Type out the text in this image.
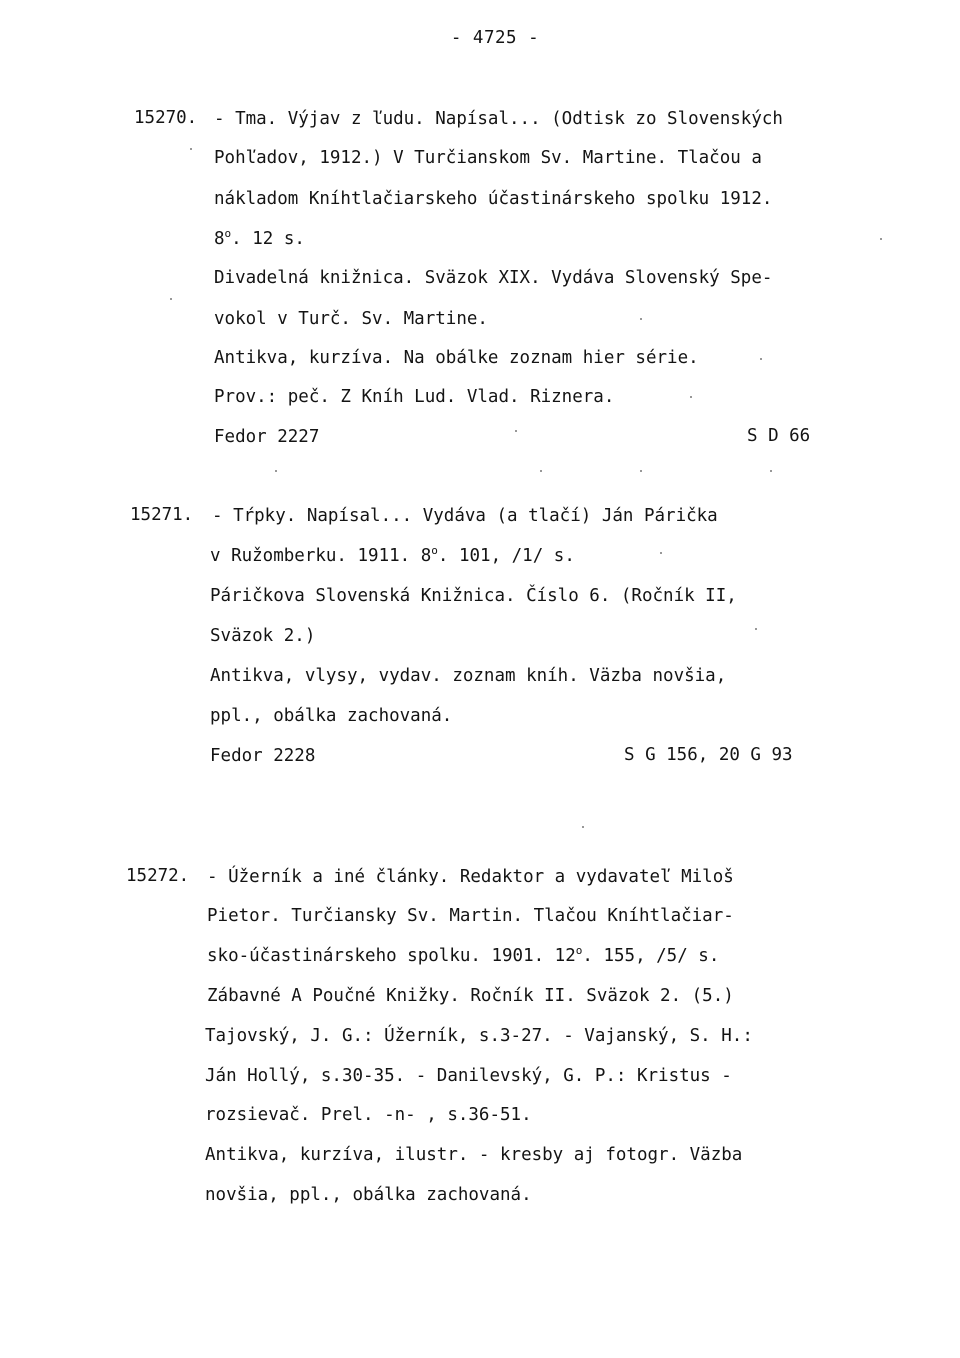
- 4725 -
15270. - Tma. Výjav z ľudu. Napísal... (Odtisk zo Slovenských
Pohľadov, 1912.) V Turčianskom Sv. Martine. Tlačou a
nákladom Kníhtlačiarskeho účastinárskeho spolku 1912.
8$^o$. 12 s.
Divadelná knižnica. Sväzok XIX. Vydáva Slovenský Spe-
vokol v Turč. Sv. Martine.
Antikva, kurzíva. Na obálke zoznam hier série.
Prov.: peč. Z Kníh Lud. Vlad. Riznera.
Fedor 2227	S D 66
15271. - Tŕpky. Napísal... Vydáva (a tlačí) Ján Párička
v Ružomberku. 1911. 8$^o$. 101, /1/ s.
Páričkova Slovenská Knižnica. Číslo 6. (Ročník II,
Sväzok 2.)
Antikva, vlysy, vydav. zoznam kníh. Väzba novšia,
ppl., obálka zachovaná.
Fedor 2228	S G 156, 20 G 93
15272. - Úžerník a iné články. Redaktor a vydavateľ Miloš
Pietor. Turčiansky Sv. Martin. Tlačou Kníhtlačiar-
sko-účastinárskeho spolku. 1901. 12$^o$. 155, /5/ s.
Zábavné A Poučné Knižky. Ročník II. Sväzok 2. (5.)
Tajovský, J. G.: Úžerník, s.3-27. - Vajanský, S. H.:
Ján Hollý, s.30-35. - Danilevský, G. P.: Kristus -
rozsievač. Prel. -n- , s.36-51.
Antikva, kurzíva, ilustr. - kresby aj fotogr. Väzba
novšia, ppl., obálka zachovaná.
